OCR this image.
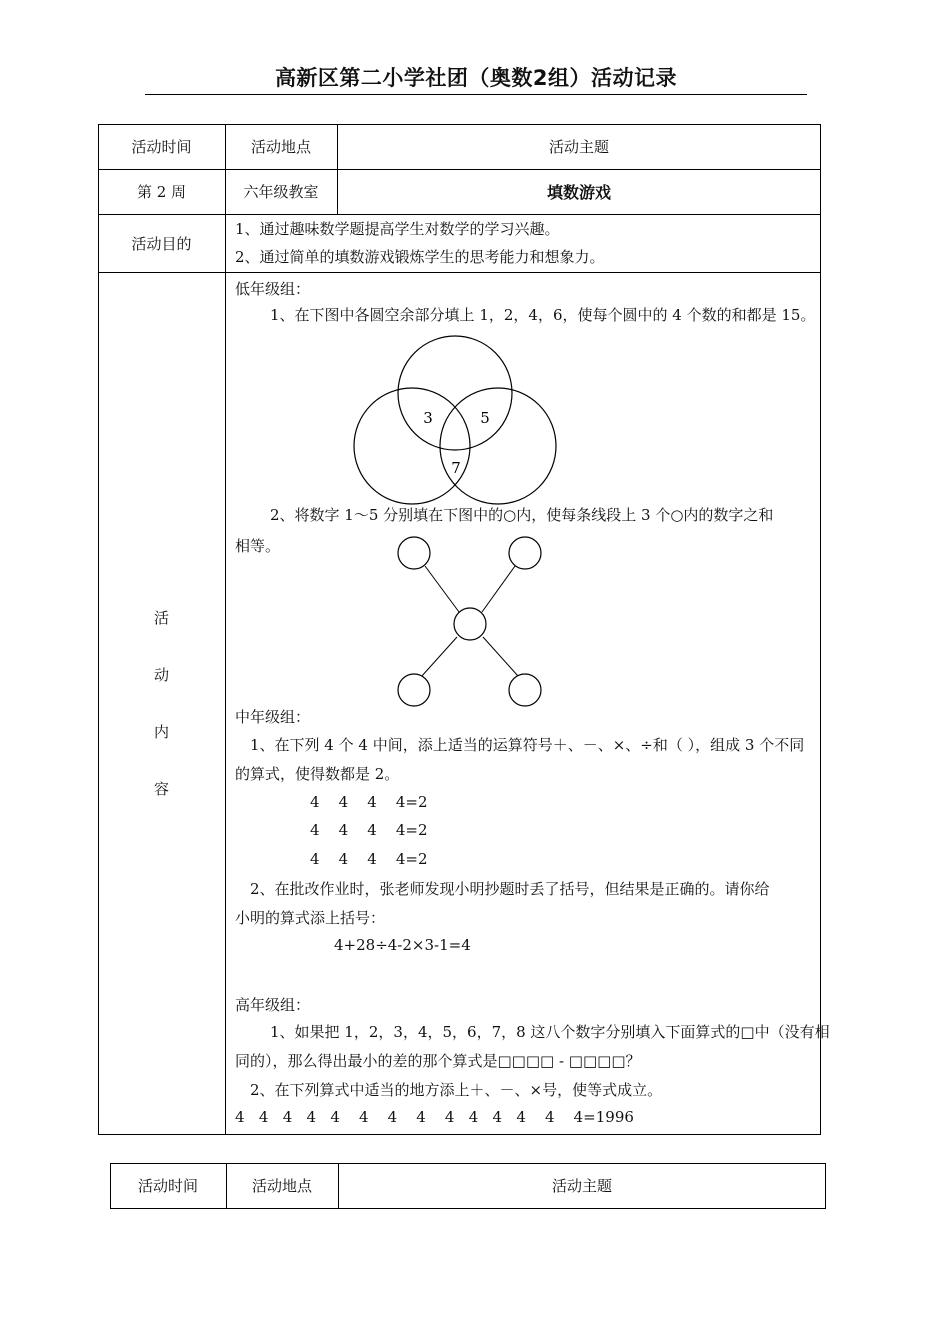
高新区第二小学社团（奥数2组）活动记录
活动时间	活动地点	活动主题
第 2 周	六年级教室	填数游戏
活动目的
1、通过趣味数学题提高学生对数学的学习兴趣。
2、通过简单的填数游戏锻炼学生的思考能力和想象力。
活
动
内
容
低年级组：
1、在下图中各圆空余部分填上 1，2，4，6，使每个圆中的 4 个数的和都是 15。
3	5
7
2、将数字 1～5 分别填在下图中的○内，使每条线段上 3 个○内的数字之和
相等。
中年级组：
1、在下列 4 个 4 中间，添上适当的运算符号＋、－、×、÷和（ ），组成 3 个不同
的算式，使得数都是 2。
4    4    4    4=2
4    4    4    4=2
4    4    4    4=2
2、在批改作业时，张老师发现小明抄题时丢了括号，但结果是正确的。请你给
小明的算式添上括号：
4+28÷4-2×3-1=4
高年级组：
1、如果把 1，2，3，4，5，6，7，8 这八个数字分别填入下面算式的□中（没有相
同的），那么得出最小的差的那个算式是□□□□ - □□□□？
2、在下列算式中适当的地方添上＋、－、×号，使等式成立。
4   4   4   4   4    4    4    4    4   4   4   4    4    4=1996
活动时间	活动地点	活动主题
